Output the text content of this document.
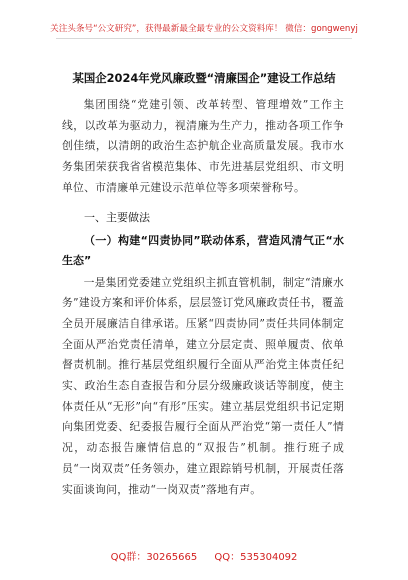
关注头条号“公文研究”，获得最新最全最专业的公文资料库！ 微信：gongwenyj
某国企2024年党风廉政暨“清廉国企”建设工作总结

集团围绕“党建引领、改革转型、管理增效”工作主线，以改革为驱动力，视清廉为生产力，推动各项工作争创佳绩，以清朗的政治生态护航企业高质量发展。我市水务集团荣获我省省模范集体、市先进基层党组织、市文明单位、市清廉单元建设示范单位等多项荣誉称号。

一、主要做法

（一）构建“四责协同”联动体系，营造风清气正“水生态”

一是集团党委建立党组织主抓直管机制，制定“清廉水务”建设方案和评价体系，层层签订党风廉政责任书，覆盖全员开展廉洁自律承诺。压紧“四责协同”责任共同体制定全面从严治党责任清单，建立分层定责、照单履责、依单督责机制。推行基层党组织履行全面从严治党主体责任纪实、政治生态自查报告和分层分级廉政谈话等制度，使主体责任从“无形”向“有形”压实。建立基层党组织书记定期向集团党委、纪委报告履行全面从严治党“第一责任人”情况，动态报告廉情信息的“双报告”机制。推行班子成员“一岗双责”任务领办，建立跟踪销号机制，开展责任落实面谈询问，推动“一岗双责”落地有声。

QQ群：30265665 QQ：535304092
